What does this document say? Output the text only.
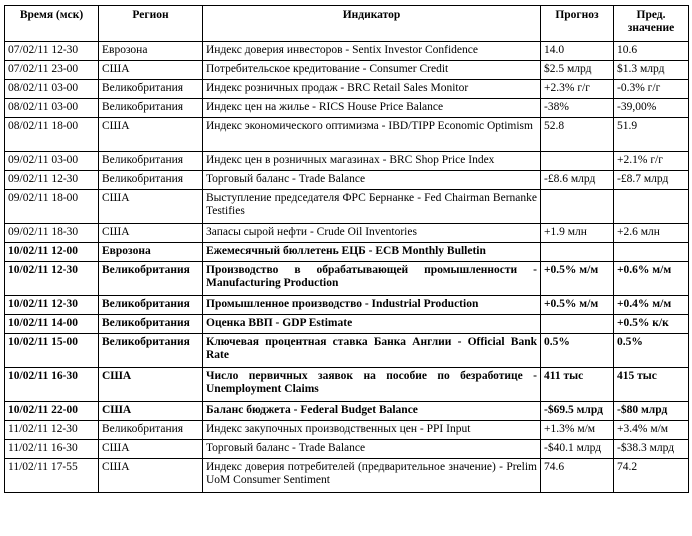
Время (мск)	Регион	Индикатор	Прогноз	Пред. значение
07/02/11 12-30	Еврозона	Индекс доверия инвесторов - Sentix Investor Confidence	14.0	10.6
07/02/11 23-00	США	Потребительское кредитование - Consumer Credit	$2.5 млрд	$1.3 млрд
08/02/11 03-00	Великобритания	Индекс розничных продаж - BRC Retail Sales Monitor	+2.3% г/г	-0.3% г/г
08/02/11 03-00	Великобритания	Индекс цен на жилье - RICS House Price Balance	-38%	-39,00%
08/02/11 18-00	США	Индекс экономического оптимизма - IBD/TIPP Economic Optimism	52.8	51.9
09/02/11 03-00	Великобритания	Индекс цен в розничных магазинах - BRC Shop Price Index		+2.1% г/г
09/02/11 12-30	Великобритания	Торговый баланс - Trade Balance	-£8.6 млрд	-£8.7 млрд
09/02/11 18-00	США	Выступление председателя ФРС Бернанке - Fed Chairman Bernanke Testifies		
09/02/11 18-30	США	Запасы сырой нефти - Crude Oil Inventories	+1.9 млн	+2.6 млн
10/02/11 12-00	Еврозона	Ежемесячный бюллетень ЕЦБ - ECB Monthly Bulletin		
10/02/11 12-30	Великобритания	Производство в обрабатывающей промышленности - Manufacturing Production	+0.5% м/м	+0.6% м/м
10/02/11 12-30	Великобритания	Промышленное производство - Industrial Production	+0.5% м/м	+0.4% м/м
10/02/11 14-00	Великобритания	Оценка ВВП - GDP Estimate		+0.5% к/к
10/02/11 15-00	Великобритания	Ключевая процентная ставка Банка Англии - Official Bank Rate	0.5%	0.5%
10/02/11 16-30	США	Число первичных заявок на пособие по безработице - Unemployment Claims	411 тыс	415 тыс
10/02/11 22-00	США	Баланс бюджета - Federal Budget Balance	-$69.5 млрд	-$80 млрд
11/02/11 12-30	Великобритания	Индекс закупочных производственных цен - PPI Input	+1.3% м/м	+3.4% м/м
11/02/11 16-30	США	Торговый баланс - Trade Balance	-$40.1 млрд	-$38.3 млрд
11/02/11 17-55	США	Индекс доверия потребителей (предварительное значение) - Prelim UoM Consumer Sentiment	74.6	74.2
